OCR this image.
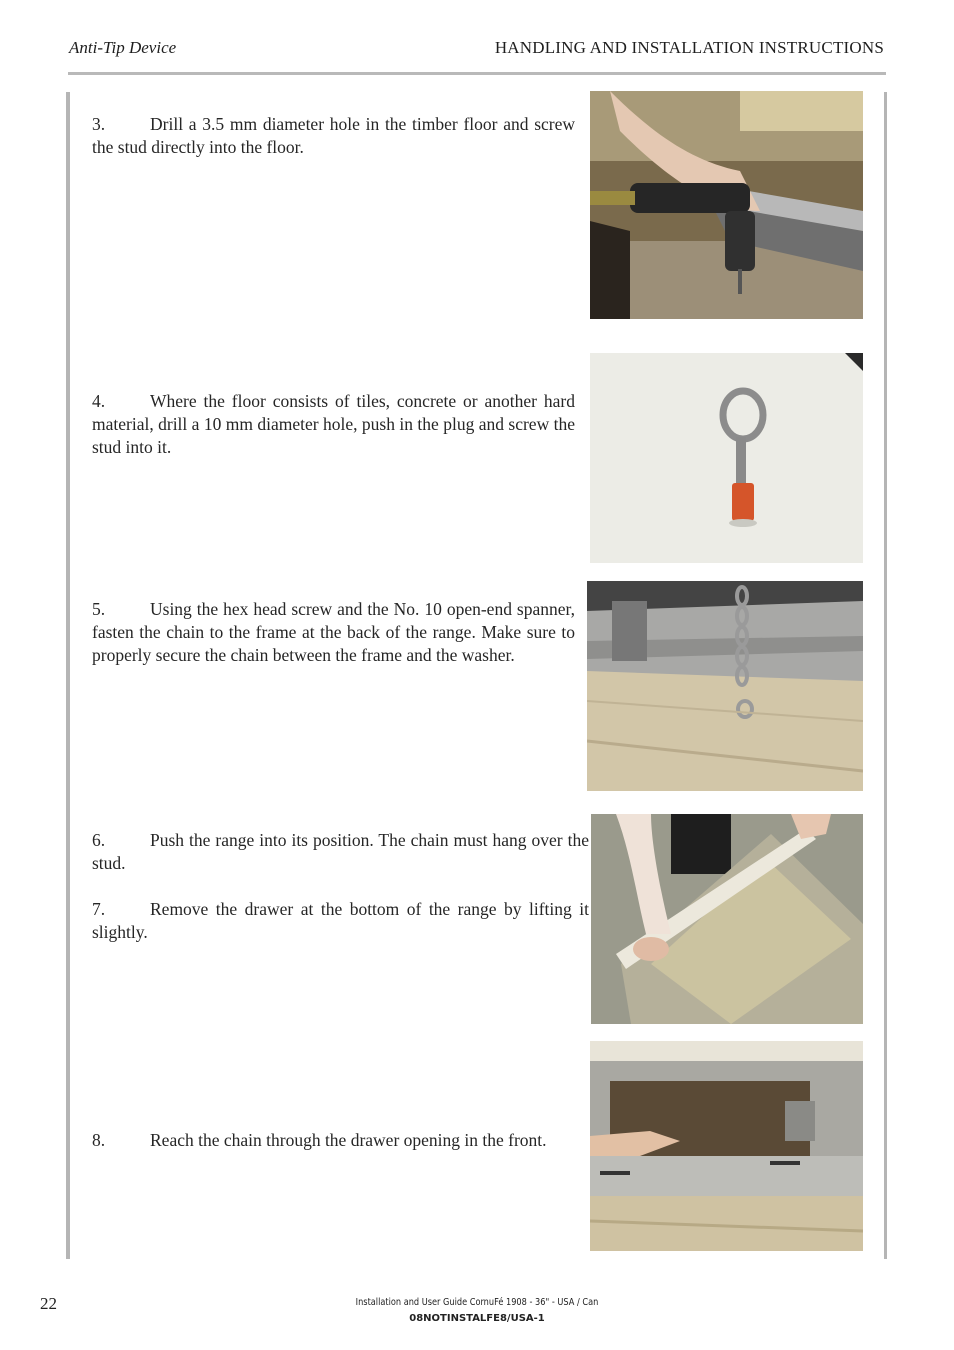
Anti-Tip Device	HANDLING AND INSTALLATION INSTRUCTIONS
3.	Drill a 3.5 mm diameter hole in the timber floor and screw the stud directly into the floor.
4.	Where the floor consists of tiles, concrete or another hard material, drill a 10 mm diameter hole, push in the plug and screw the stud into it.
5.	Using the hex head screw and the No. 10 open-end spanner, fasten the chain to the frame at the back of the range. Make sure to properly secure the chain between the frame and the washer.
6.	Push the range into its position. The chain must hang over the stud.
7.	Remove the drawer at the bottom of the range by lifting it slightly.
8.	Reach the chain through the drawer opening in the front.
22	Installation and User Guide CornuFé 1908 - 36" - USA / Can
08NOTINSTALFE8/USA-1
